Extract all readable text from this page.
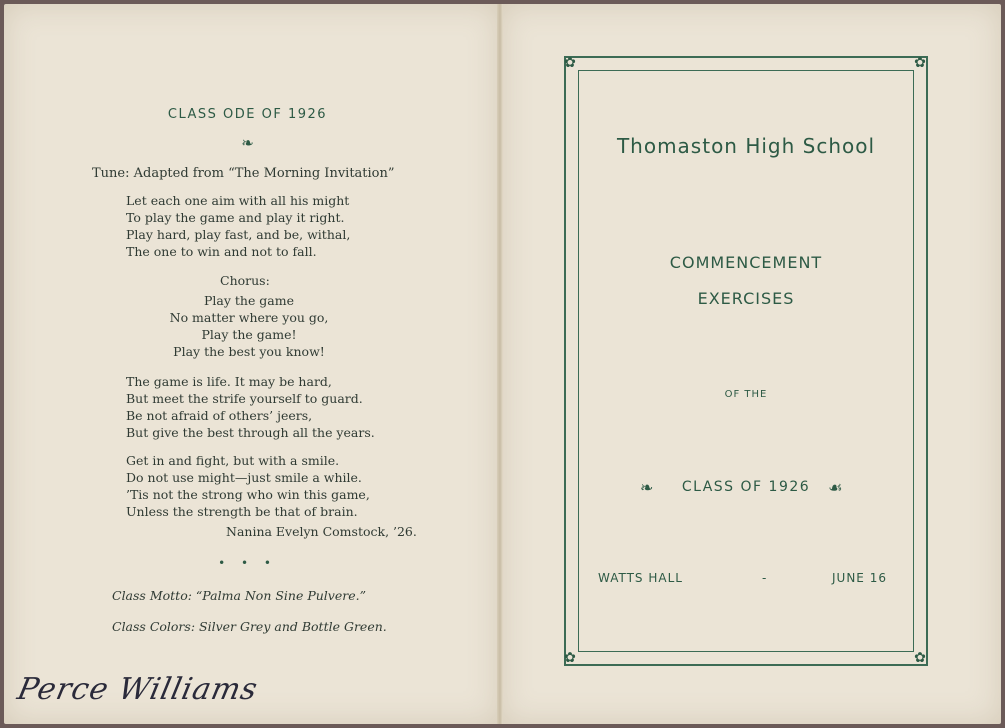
CLASS ODE OF 1926
❧
Tune: Adapted from “The Morning Invitation”
Let each one aim with all his might
To play the game and play it right.
Play hard, play fast, and be, withal,
The one to win and not to fall.
Chorus:
Play the game
No matter where you go,
Play the game!
Play the best you know!
The game is life. It may be hard,
But meet the strife yourself to guard.
Be not afraid of others’ jeers,
But give the best through all the years.
Get in and fight, but with a smile.
Do not use might—just smile a while.
’Tis not the strong who win this game,
Unless the strength be that of brain.
Nanina Evelyn Comstock, ’26.
• • •
Class Motto: “Palma Non Sine Pulvere.”
Class Colors: Silver Grey and Bottle Green.
Perce Williams
✿	✿
✿	✿
Thomaston High School
COMMENCEMENT
EXERCISES
OF THE
❧	CLASS OF 1926	☙
WATTS HALL	-	JUNE 16
